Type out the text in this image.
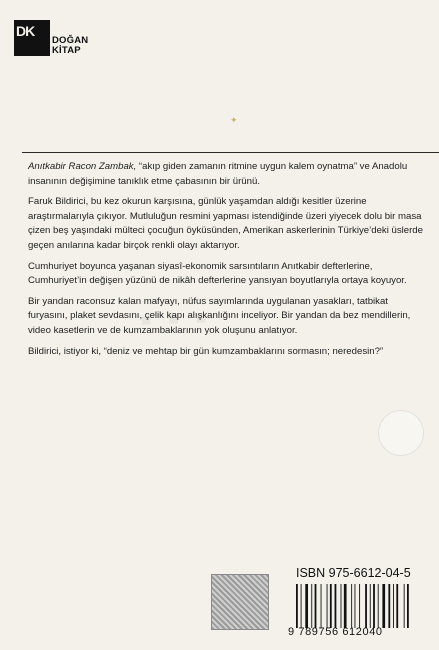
DK
DOĞAN
KİTAP
✦
▪ ▪ ▪

Anıtkabir Racon Zambak, “akıp giden zamanın ritmine uygun kalem oynatma” ve Anadolu insanının değişimine tanıklık etme çabasının bir ürünü.

Faruk Bildirici, bu kez okurun karşısına, günlük yaşamdan aldığı kesitler üzerine araştırmalarıyla çıkıyor. Mutluluğun resmini yapması istendiğinde üzeri yiyecek dolu bir masa çizen beş yaşındaki mülteci çocuğun öyküsünden, Amerikan askerlerinin Türkiye’deki üslerde geçen anılarına kadar birçok renkli olayı aktarıyor.

Cumhuriyet boyunca yaşanan siyasî-ekonomik sarsıntıların Anıtkabir defterlerine, Cumhuriyet’in değişen yüzünü de nikâh defterlerine yansıyan boyutlarıyla ortaya koyuyor.

Bir yandan raconsuz kalan mafyayı, nüfus sayımlarında uygulanan yasakları, tatbikat furyasını, plaket sevdasını, çelik kapı alışkanlığını inceliyor. Bir yandan da bez mendillerin, video kasetlerin ve de kumzambaklarının yok oluşunu anlatıyor.

Bildirici, istiyor ki, “deniz ve mehtap bir gün kumzambaklarını sormasın; neredesin?”

ISBN 975-6612-04-5
9 789756 612040
